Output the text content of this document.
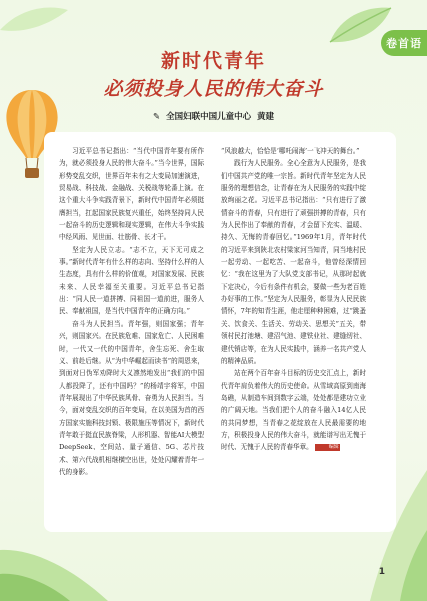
卷首语
新时代青年
必须投身人民的伟大奋斗
✎ 全国妇联中国儿童中心 黄建

习近平总书记指出：“当代中国青年要有所作为，就必须投身人民的伟大奋斗。”当今世界，国际形势变乱交织，世界百年未有之大变局加速演进，贸易战、科技战、金融战、关税战等轮番上演。在这个重大斗争实践背景下，新时代中国青年必须挺膺担当，扛起国家民族复兴重任，始终坚持同人民一起奋斗的历史逻辑和现实逻辑，在伟大斗争实践中经风雨、见世面、壮筋骨、长才干。

坚定为人民立志。“志不立，天下无可成之事。”新时代青年有什么样的志向、坚持什么样的人生态度，具有什么样的价值观，对国家发展、民族未来、人民幸福至关重要。习近平总书记指出：“同人民一道拼搏、同祖国一道前进，服务人民、奉献祖国，是当代中国青年的正确方向。”

奋斗为人民担当。青年强，则国家强；青年兴，则国家兴。在民族危难、国家危亡、人民困难时，一代又一代的中国青年，舍生忘死、舍生取义、前赴后继。从“为中华崛起而读书”的周恩来，到面对日伪军劝降时大义凛然地发出“我们的中国人都投降了，还有中国吗？”的杨靖宇将军，中国青年展现出了中华民族风骨、奋勇为人民担当。当今，面对变乱交织的百年变局，在以美国为首的西方国家实施科技封锁、极限施压等情况下，新时代青年敢于挺直民族脊梁，人形机器、智能AI大模型DeepSeek、空间站、量子通信、5G、芯片技术、第六代战机相继横空出世，处处闪耀着青年一代的身影。

“风浪越大，恰恰是‘哪吒闹海’一飞冲天的舞台。”

践行为人民服务。全心全意为人民服务，是我们中国共产党的唯一宗旨。新时代青年坚定为人民服务的理想信念，让青春在为人民服务的实践中绽放绚丽之花。习近平总书记指出：“只有进行了激情奋斗的青春，只有进行了顽强拼搏的青春，只有为人民作出了奉献的青春，才会留下充实、温暖、持久、无悔的青春回忆。”1969年1月，青年时代的习近平来到陕北农村梁家河当知青，同当地村民一起劳动、一起吃苦、一起奋斗，他曾经深情回忆：“我在这里为了大队党支部书记，从那时起就下定决心，今后有条件有机会，要做一些为老百姓办好事的工作。”坚定为人民服务，彰显为人民民族情怀，7年的知青生涯，他走厘种种困难，过“跳蚤关、饮食关、生活关、劳动关、思想关”五关，带领村民打池塘、建沼气池、建铁业社、建缝纫社、建代销店等，在为人民实践中，涵养一名共产党人的精神品质。

站在两个百年奋斗目标的历史交汇点上，新时代青年肩负着伟大的历史使命。从雪域高原到南海岛礁，从制造车间到数字云端，处处都是建功立业的广阔天地。当我们把个人的奋斗融入14亿人民的共同梦想，当青春之花绽放在人民最需要的地方，积极投身人民的伟大奋斗，就能谱写出无愧于时代、无愧于人民的青春华章。	编辑

1
